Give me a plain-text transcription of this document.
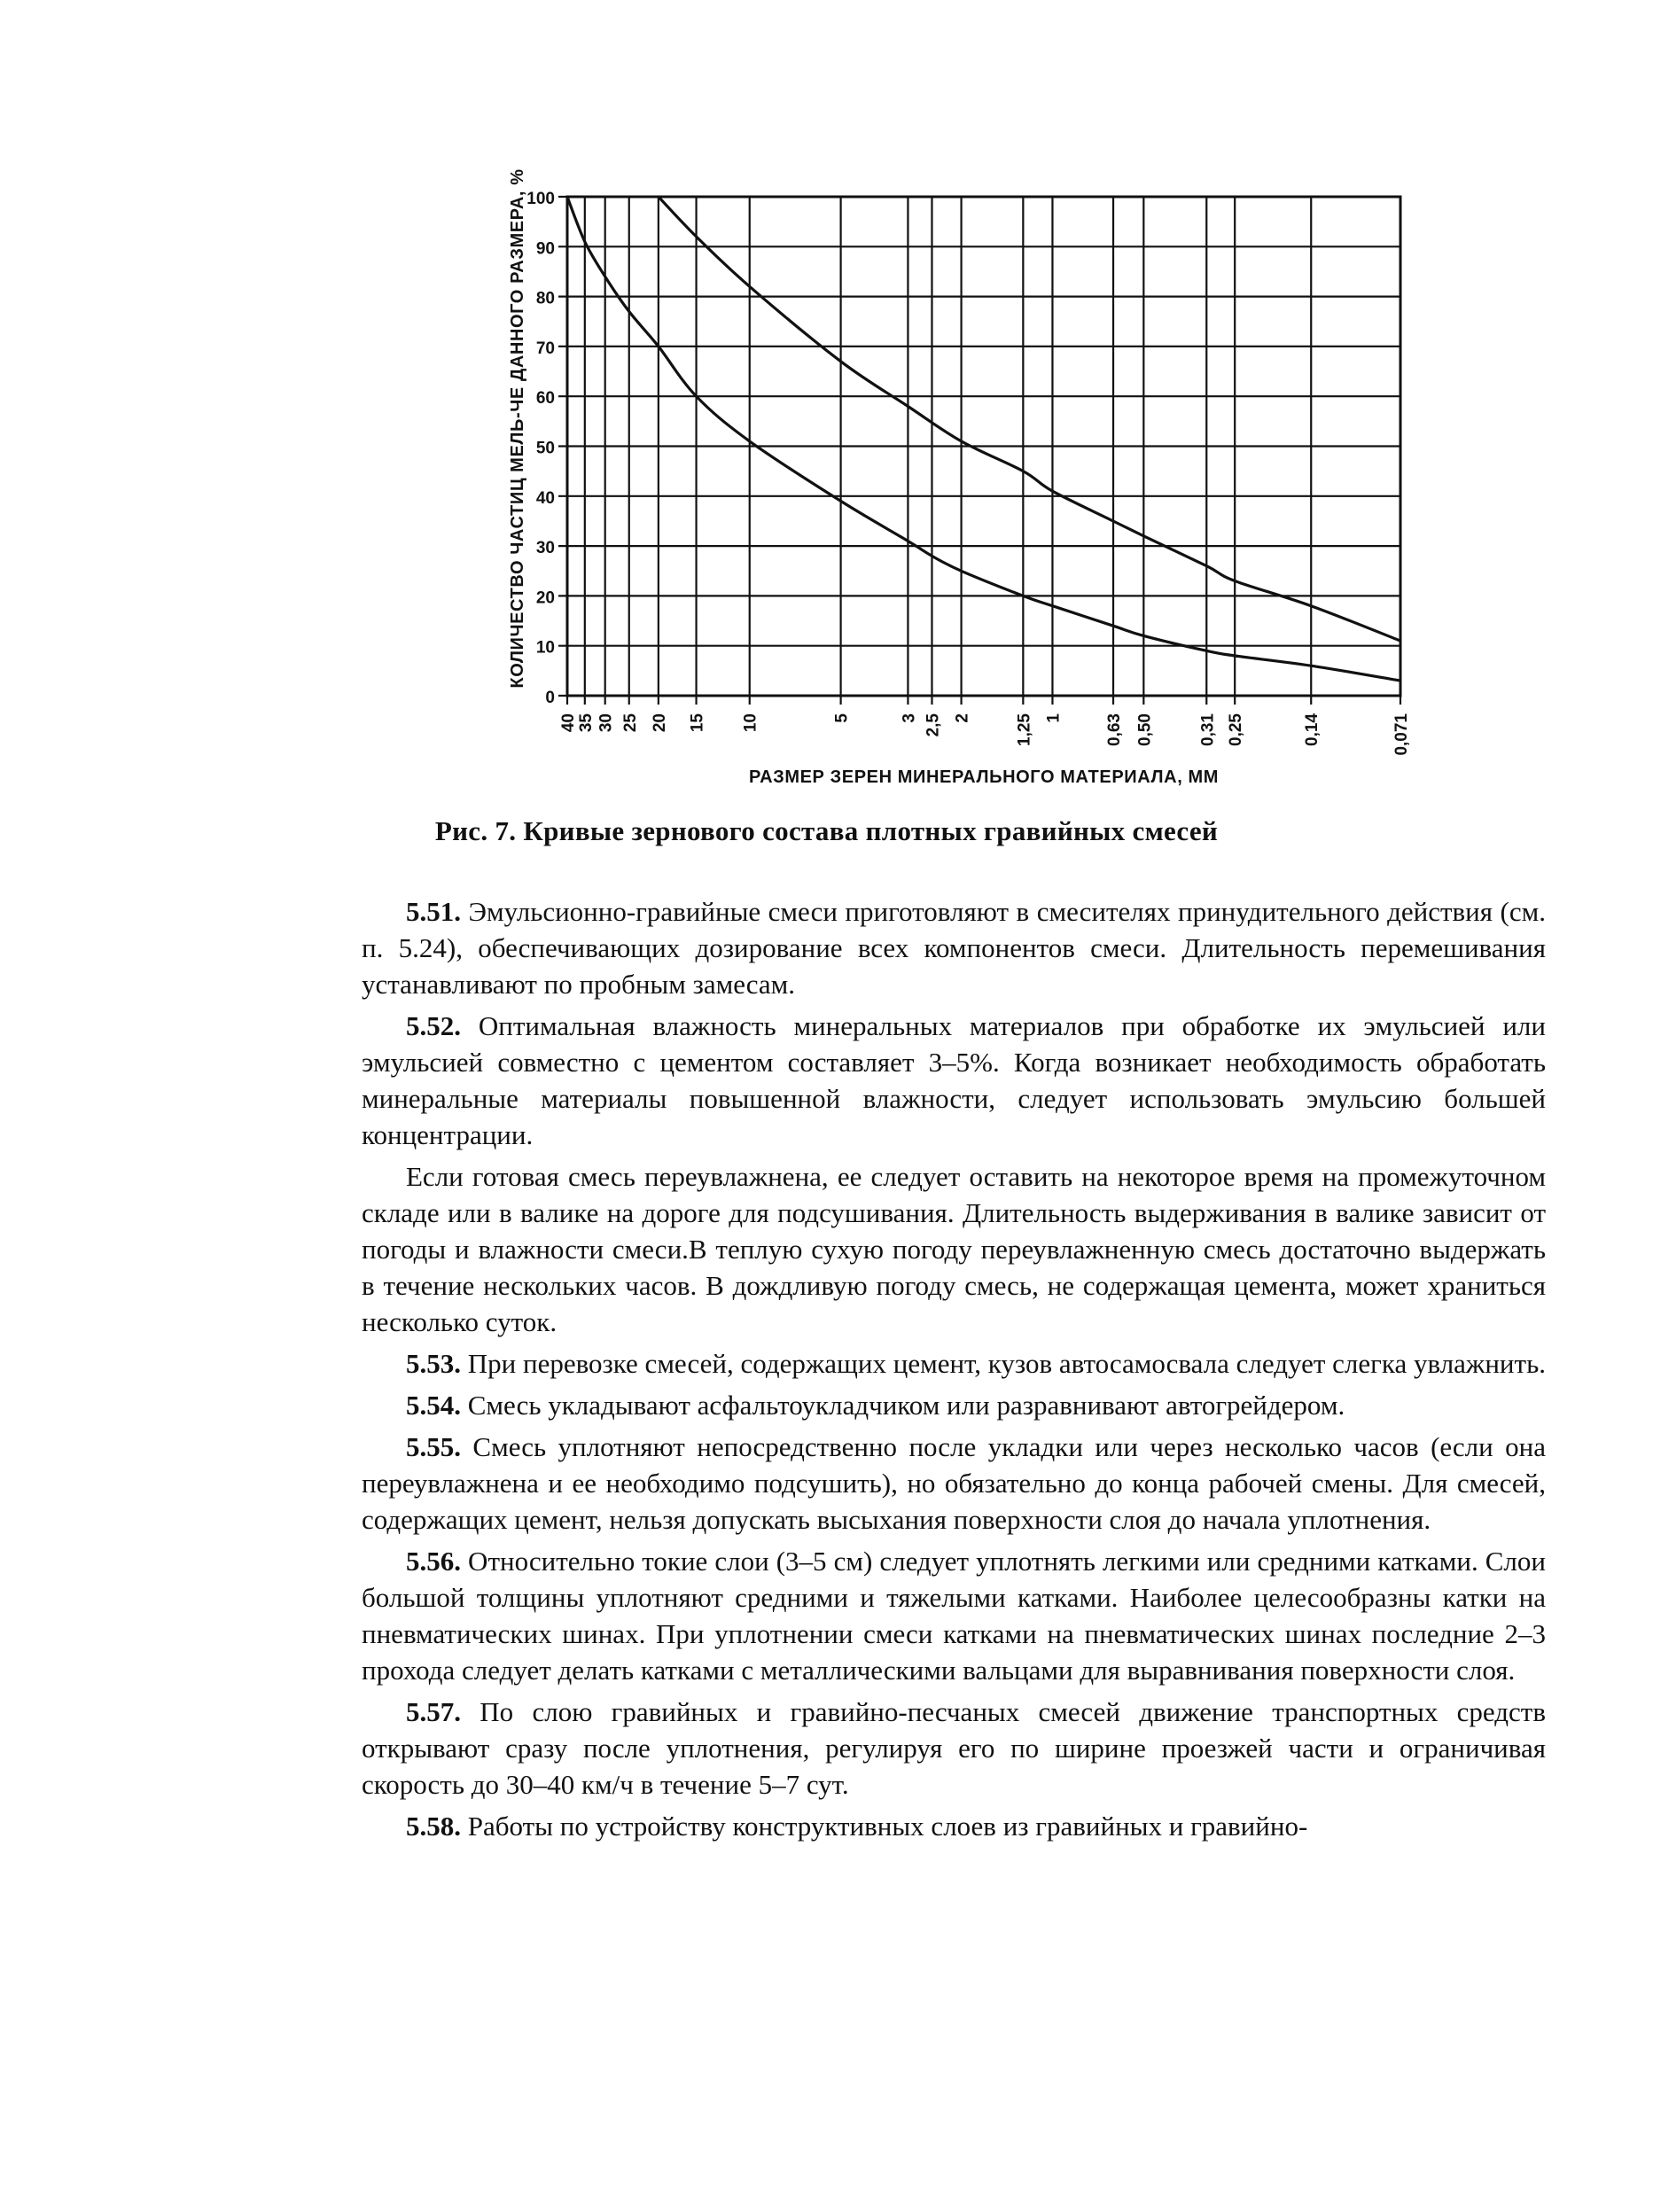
0
10
20
30
40
50
60
70
80
90
100
40
35 30 25 20 15 10	5	3 2,5 2	1,25 1	0,63 0,50	0,31 0,25	0,14	0,071
КОЛИЧЕСТВО ЧАСТИЦ МЕЛЬ-ЧЕ ДАННОГО РАЗМЕРА, %
РАЗМЕР ЗЕРЕН МИНЕРАЛЬНОГО МАТЕРИАЛА, ММ
Рис. 7. Кривые зернового состава плотных гравийных смесей

5.51. Эмульсионно-гравийные смеси приготовляют в смесителях принудительного действия (см. п. 5.24), обеспечивающих дозирование всех компонентов смеси. Длительность перемешивания устанавливают по пробным замесам.

5.52. Оптимальная влажность минеральных материалов при обработке их эмульсией или эмульсией совместно с цементом составляет 3–5%. Когда возникает необходимость обработать минеральные материалы повышенной влажности, следует использовать эмульсию большей концентрации.

Если готовая смесь переувлажнена, ее следует оставить на некоторое время на промежуточном складе или в валике на дороге для подсушивания. Длительность выдерживания в валике зависит от погоды и влажности смеси.В теплую сухую погоду переувлажненную смесь достаточно выдержать в течение нескольких часов. В дождливую погоду смесь, не содержащая цемента, может храниться несколько суток.

5.53. При перевозке смесей, содержащих цемент, кузов автосамосвала следует слегка увлажнить.

5.54. Смесь укладывают асфальтоукладчиком или разравнивают автогрейдером.

5.55. Смесь уплотняют непосредственно после укладки или через несколько часов (если она переувлажнена и ее необходимо подсушить), но обязательно до конца рабочей смены. Для смесей, содержащих цемент, нельзя допускать высыхания поверхности слоя до начала уплотнения.

5.56. Относительно токие слои (3–5 см) следует уплотнять легкими или средними катками. Слои большой толщины уплотняют средними и тяжелыми катками. Наиболее целесообразны катки на пневматических шинах. При уплотнении смеси катками на пневматических шинах последние 2–3 прохода следует делать катками с металлическими вальцами для выравнивания поверхности слоя.

5.57. По слою гравийных и гравийно-песчаных смесей движение транспортных средств открывают сразу после уплотнения, регулируя его по ширине проезжей части и ограничивая скорость до 30–40 км/ч в течение 5–7 сут.

5.58. Работы по устройству конструктивных слоев из гравийных и гравийно-
